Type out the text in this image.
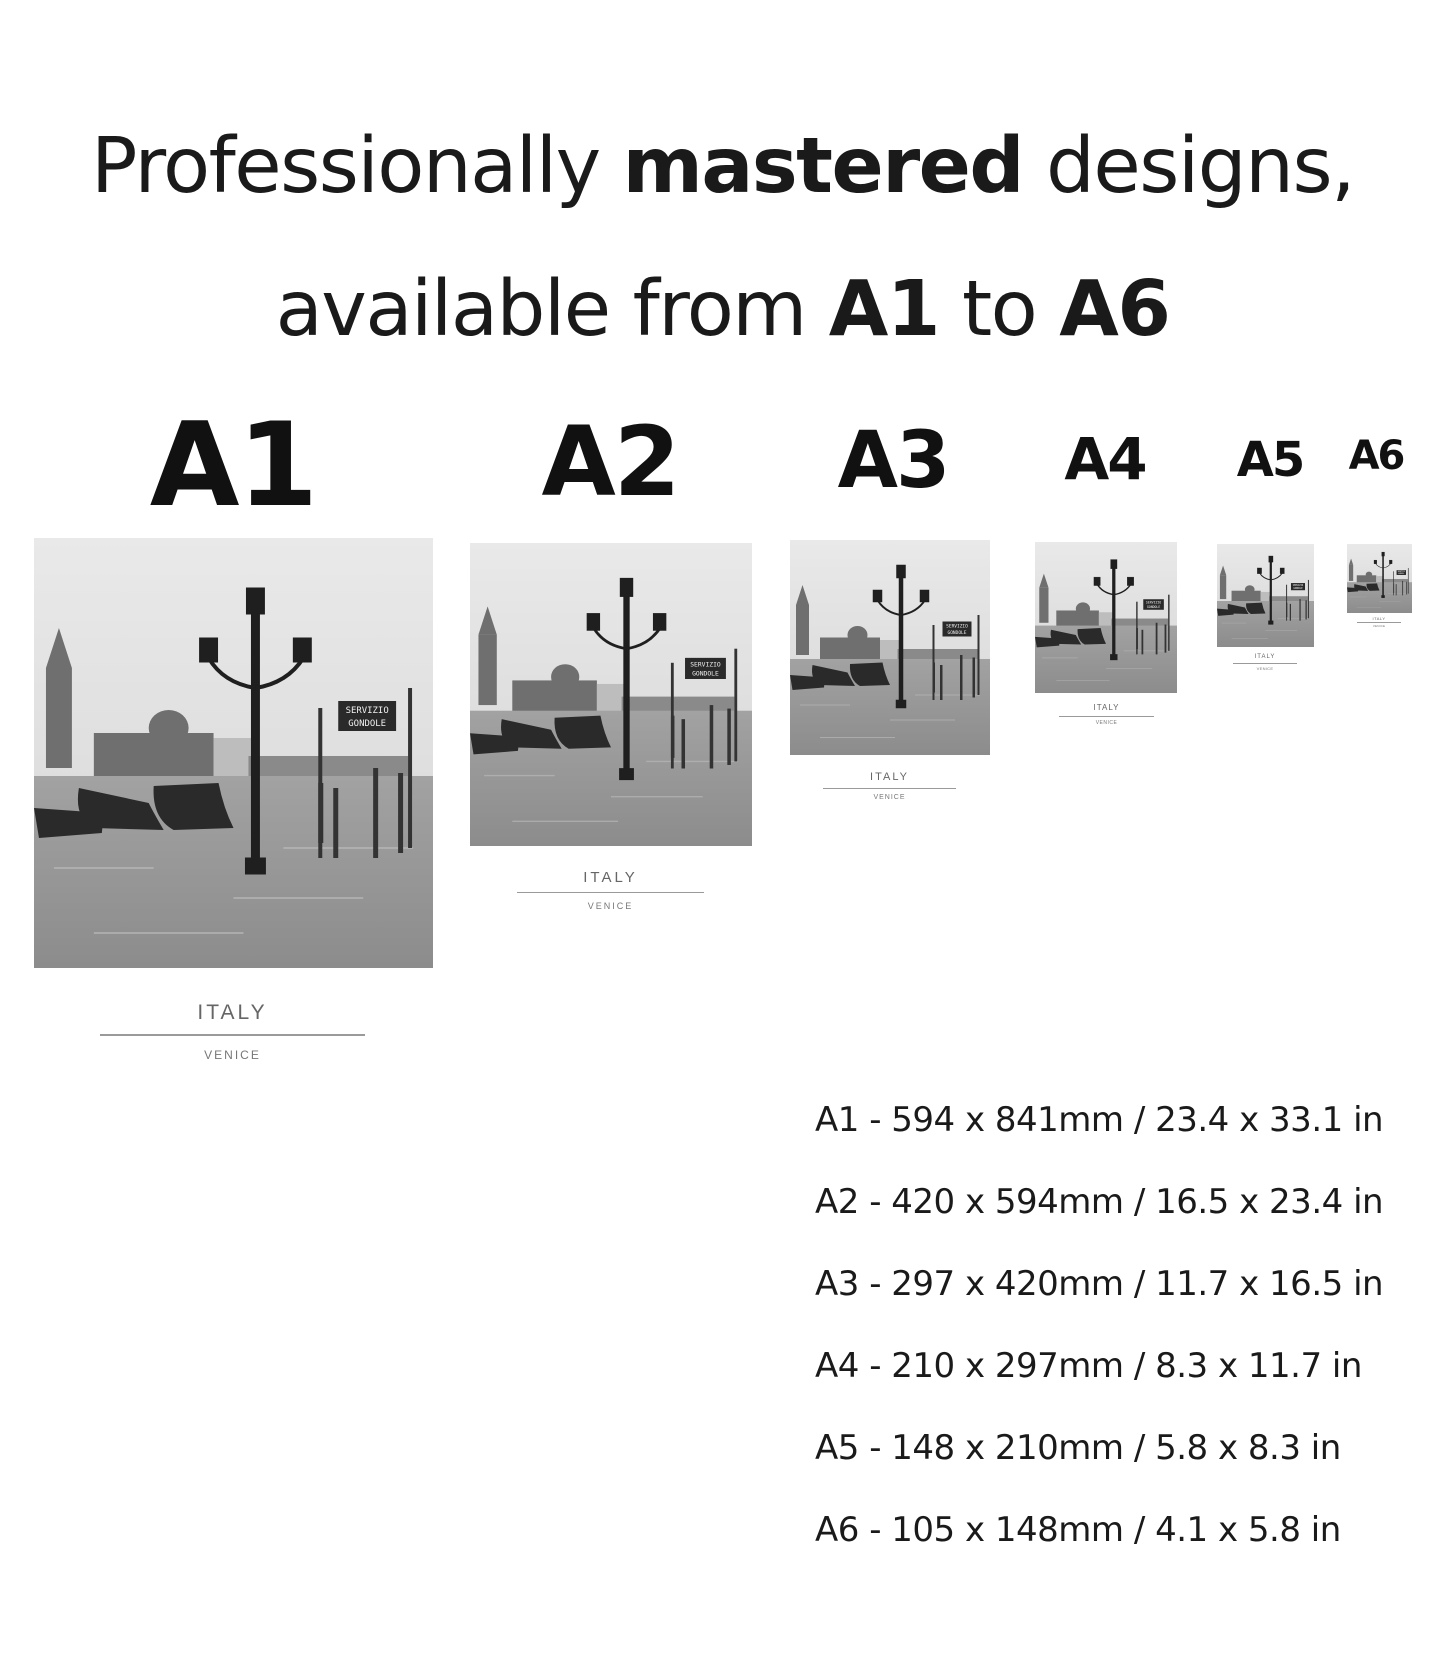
Professionally mastered designs,
available from A1 to A6
A1 A2 A3 A4 A5 A6
SERVIZIO
GONDOLE
SERVIZIO
GONDOLE
SERVIZIO
GONDOLE
SERVIZIO
GONDOLE
SERVIZIO
GONDOLE
SERVIZIO
GONDOLE
ITALY
VENICE
ITALY
VENICE
ITALY
VENICE
ITALY
VENICE
ITALY
VENICE
ITALY
VENICE
A1 - 594 x 841mm / 23.4 x 33.1 in
A2 - 420 x 594mm / 16.5 x 23.4 in
A3 - 297 x 420mm / 11.7 x 16.5 in
A4 - 210 x 297mm / 8.3 x 11.7 in
A5 - 148 x 210mm / 5.8 x 8.3 in
A6 - 105 x 148mm / 4.1 x 5.8 in
